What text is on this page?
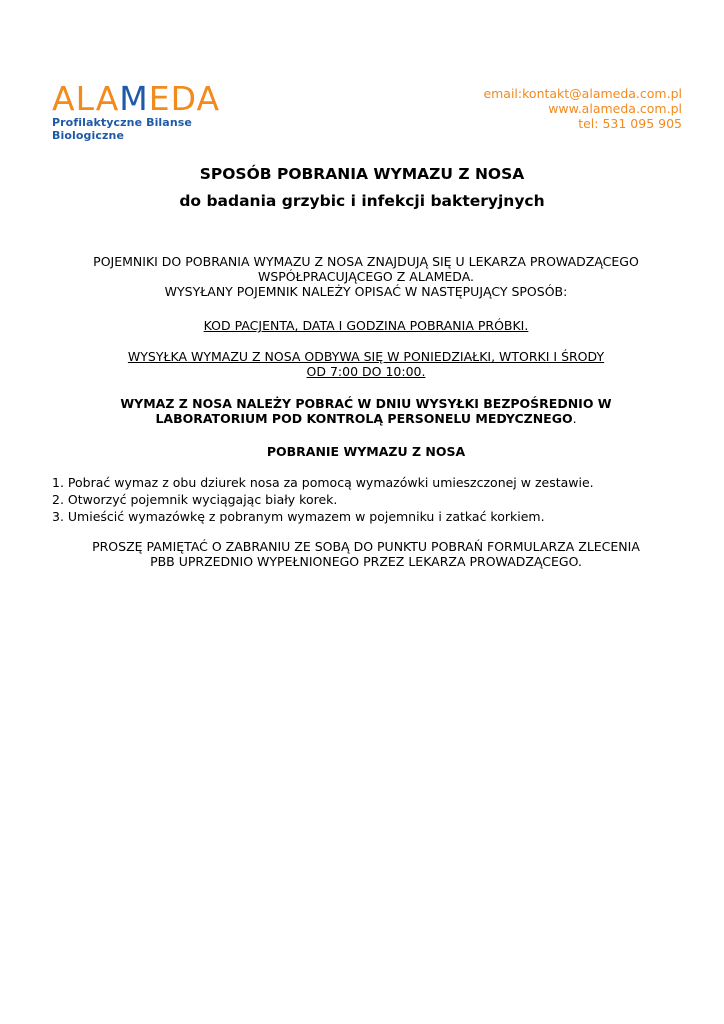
ALAMEDA
Profilaktyczne Bilanse Biologiczne
email:kontakt@alameda.com.pl
www.alameda.com.pl
tel: 531 095 905
SPOSÓB POBRANIA WYMAZU Z NOSA
do badania grzybic i infekcji bakteryjnych
POJEMNIKI DO POBRANIA WYMAZU Z NOSA ZNAJDUJĄ SIĘ U LEKARZA PROWADZĄCEGO
WSPÓŁPRACUJĄCEGO Z ALAMEDA.
WYSYŁANY POJEMNIK NALEŻY OPISAĆ W NASTĘPUJĄCY SPOSÓB:
KOD PACJENTA, DATA I GODZINA POBRANIA PRÓBKI.
WYSYŁKA WYMAZU Z NOSA ODBYWA SIĘ W PONIEDZIAŁKI, WTORKI I ŚRODY
OD 7:00 DO 10:00.
WYMAZ Z NOSA NALEŻY POBRAĆ W DNIU WYSYŁKI BEZPOŚREDNIO W
LABORATORIUM POD KONTROLĄ PERSONELU MEDYCZNEGO.
POBRANIE WYMAZU Z NOSA
1. Pobrać wymaz z obu dziurek nosa za pomocą wymazówki umieszczonej w zestawie.
2. Otworzyć pojemnik wyciągając biały korek.
3. Umieścić wymazówkę z pobranym wymazem w pojemniku i zatkać korkiem.
PROSZĘ PAMIĘTAĆ O ZABRANIU ZE SOBĄ DO PUNKTU POBRAŃ FORMULARZA ZLECENIA
PBB UPRZEDNIO WYPEŁNIONEGO PRZEZ LEKARZA PROWADZĄCEGO.
